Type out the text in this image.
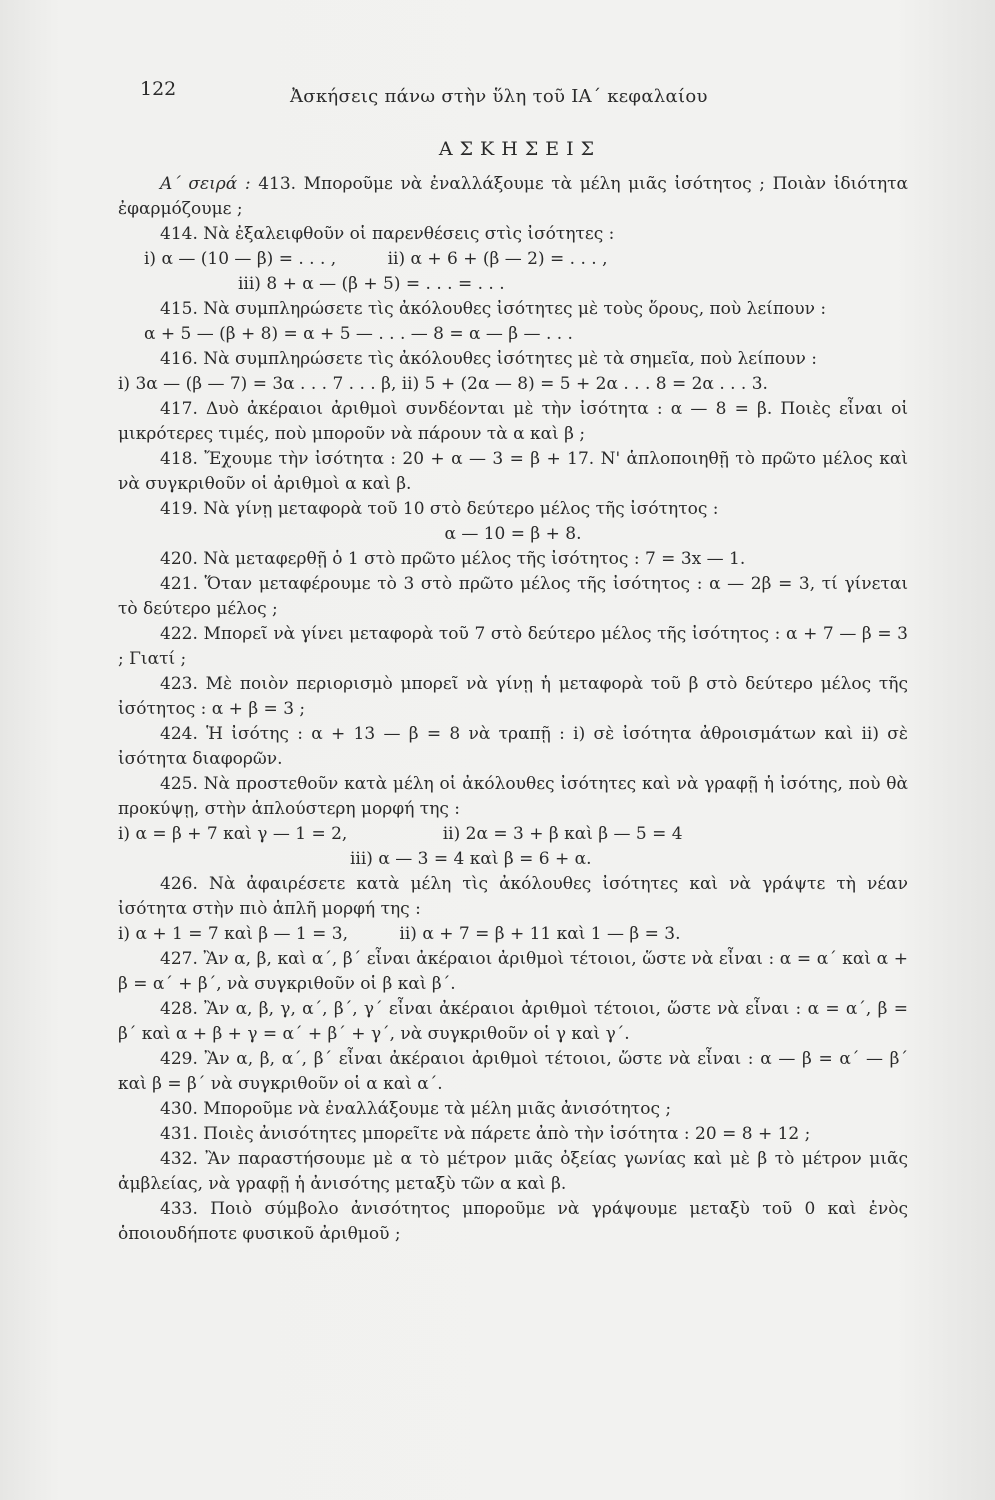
122	Ἀσκήσεις πάνω στὴν ὕλη τοῦ ΙΑ΄ κεφαλαίου
ΑΣΚΗΣΕΙΣ

Α΄ σειρά : 413. Μποροῦμε νὰ ἐναλλάξουμε τὰ μέλη μιᾶς ἰσότητος ; Ποιὰν ἰδιότητα ἐφαρμόζουμε ;

414. Νὰ ἐξαλειφθοῦν οἱ παρενθέσεις στὶς ἰσότητες :

i) α — (10 — β) = . . . ,	ii) α + 6 + (β — 2) = . . . ,

iii) 8 + α — (β + 5) = . . . = . . .

415. Νὰ συμπληρώσετε τὶς ἀκόλουθες ἰσότητες μὲ τοὺς ὅρους, ποὺ λείπουν :

α + 5 — (β + 8) = α + 5 — . . . — 8 = α — β — . . .

416. Νὰ συμπληρώσετε τὶς ἀκόλουθες ἰσότητες μὲ τὰ σημεῖα, ποὺ λείπουν :

i) 3α — (β — 7) = 3α . . . 7 . . . β, ii) 5 + (2α — 8) = 5 + 2α . . . 8 = 2α . . . 3.

417. Δυὸ ἀκέραιοι ἀριθμοὶ συνδέονται μὲ τὴν ἰσότητα : α — 8 = β. Ποιὲς εἶναι οἱ μικρότερες τιμές, ποὺ μποροῦν νὰ πάρουν τὰ α καὶ β ;

418. Ἔχουμε τὴν ἰσότητα : 20 + α — 3 = β + 17. Ν' ἁπλοποιηθῇ τὸ πρῶτο μέλος καὶ νὰ συγκριθοῦν οἱ ἀριθμοὶ α καὶ β.

419. Νὰ γίνῃ μεταφορὰ τοῦ 10 στὸ δεύτερο μέλος τῆς ἰσότητος :

α — 10 = β + 8.

420. Νὰ μεταφερθῇ ὁ 1 στὸ πρῶτο μέλος τῆς ἰσότητος : 7 = 3x — 1.

421. Ὅταν μεταφέρουμε τὸ 3 στὸ πρῶτο μέλος τῆς ἰσότητος : α — 2β = 3, τί γίνεται τὸ δεύτερο μέλος ;

422. Μπορεῖ νὰ γίνει μεταφορὰ τοῦ 7 στὸ δεύτερο μέλος τῆς ἰσότητος : α + 7 — β = 3 ; Γιατί ;

423. Μὲ ποιὸν περιορισμὸ μπορεῖ νὰ γίνῃ ἡ μεταφορὰ τοῦ β στὸ δεύτερο μέλος τῆς ἰσότητος : α + β = 3 ;

424. Ἡ ἰσότης : α + 13 — β = 8 νὰ τραπῇ : i) σὲ ἰσότητα ἀθροισμάτων καὶ ii) σὲ ἰσότητα διαφορῶν.

425. Νὰ προστεθοῦν κατὰ μέλη οἱ ἀκόλουθες ἰσότητες καὶ νὰ γραφῇ ἡ ἰσότης, ποὺ θὰ προκύψῃ, στὴν ἁπλούστερη μορφή της :

i) α = β + 7 καὶ γ — 1 = 2,	ii) 2α = 3 + β καὶ β — 5 = 4

iii) α — 3 = 4 καὶ β = 6 + α.

426. Νὰ ἀφαιρέσετε κατὰ μέλη τὶς ἀκόλουθες ἰσότητες καὶ νὰ γράψτε τὴ νέαν ἰσότητα στὴν πιὸ ἁπλῆ μορφή της :

i) α + 1 = 7 καὶ β — 1 = 3,	ii) α + 7 = β + 11 καὶ 1 — β = 3.

427. Ἂν α, β, καὶ α΄, β΄ εἶναι ἀκέραιοι ἀριθμοὶ τέτοιοι, ὥστε νὰ εἶναι : α = α΄ καὶ α + β = α΄ + β΄, νὰ συγκριθοῦν οἱ β καὶ β΄.

428. Ἂν α, β, γ, α΄, β΄, γ΄ εἶναι ἀκέραιοι ἀριθμοὶ τέτοιοι, ὥστε νὰ εἶναι : α = α΄, β = β΄ καὶ α + β + γ = α΄ + β΄ + γ΄, νὰ συγκριθοῦν οἱ γ καὶ γ΄.

429. Ἂν α, β, α΄, β΄ εἶναι ἀκέραιοι ἀριθμοὶ τέτοιοι, ὥστε νὰ εἶναι : α — β = α΄ — β΄ καὶ β = β΄ νὰ συγκριθοῦν οἱ α καὶ α΄.

430. Μποροῦμε νὰ ἐναλλάξουμε τὰ μέλη μιᾶς ἀνισότητος ;

431. Ποιὲς ἀνισότητες μπορεῖτε νὰ πάρετε ἀπὸ τὴν ἰσότητα : 20 = 8 + 12 ;

432. Ἂν παραστήσουμε μὲ α τὸ μέτρον μιᾶς ὀξείας γωνίας καὶ μὲ β τὸ μέτρον μιᾶς ἀμβλείας, νὰ γραφῇ ἡ ἀνισότης μεταξὺ τῶν α καὶ β.

433. Ποιὸ σύμβολο ἀνισότητος μποροῦμε νὰ γράψουμε μεταξὺ τοῦ 0 καὶ ἑνὸς ὁποιουδήποτε φυσικοῦ ἀριθμοῦ ;
